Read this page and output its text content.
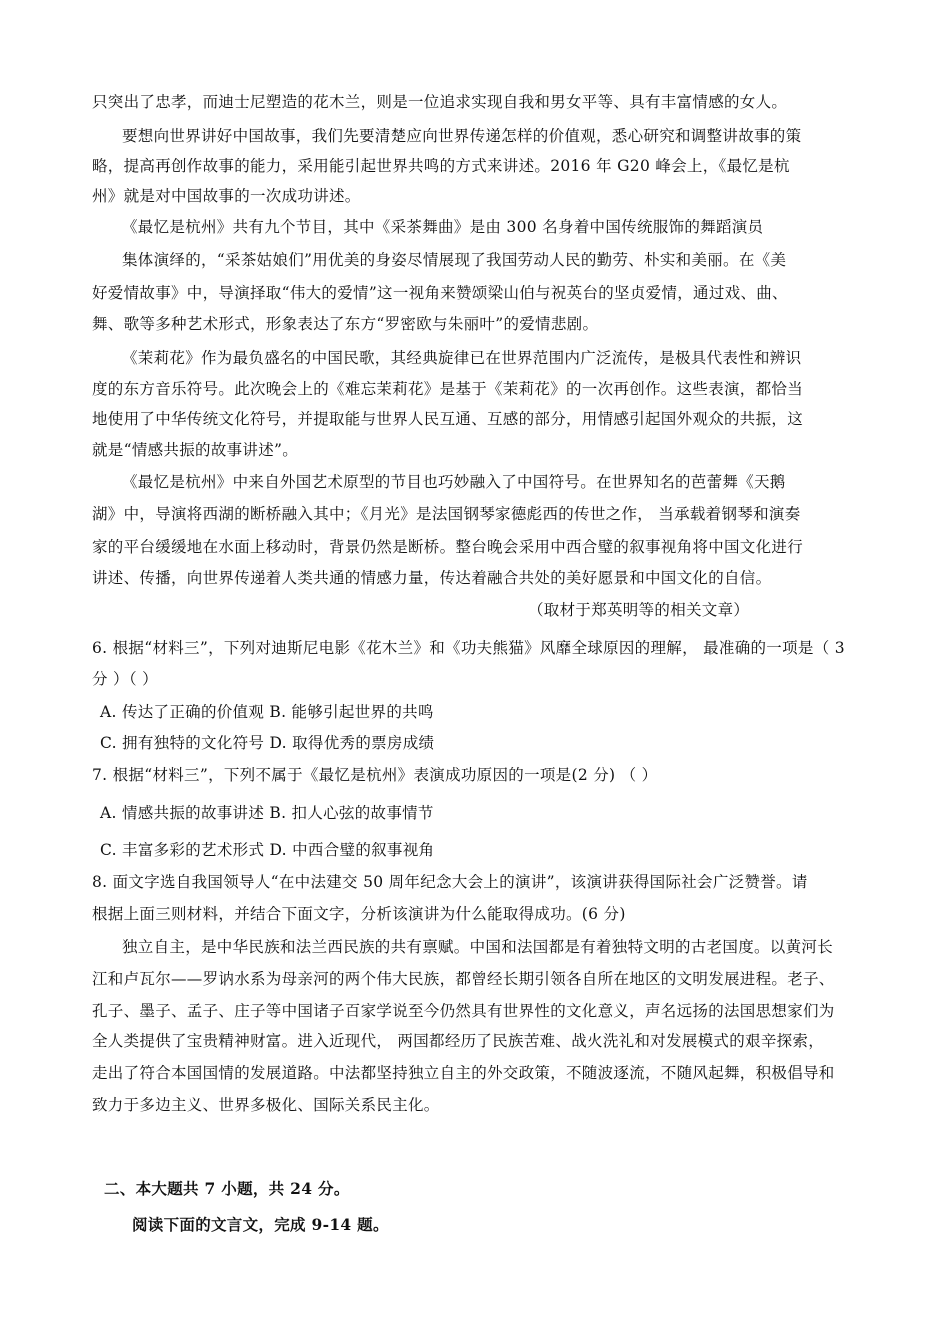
只突出了忠孝，而迪士尼塑造的花木兰，则是一位追求实现自我和男女平等、具有丰富情感的女人。
要想向世界讲好中国故事，我们先要清楚应向世界传递怎样的价值观，悉心研究和调整讲故事的策
略，提高再创作故事的能力，采用能引起世界共鸣的方式来讲述。2016 年 G20 峰会上，《最忆是杭
州》就是对中国故事的一次成功讲述。
《最忆是杭州》共有九个节目，其中《采茶舞曲》是由 300 名身着中国传统服饰的舞蹈演员
集体演绎的，“采茶姑娘们”用优美的身姿尽情展现了我国劳动人民的勤劳、朴实和美丽。在《美
好爱情故事》中，导演择取“伟大的爱情”这一视角来赞颂梁山伯与祝英台的坚贞爱情，通过戏、曲、
舞、歌等多种艺术形式，形象表达了东方“罗密欧与朱丽叶”的爱情悲剧。
《茉莉花》作为最负盛名的中国民歌，其经典旋律已在世界范围内广泛流传，是极具代表性和辨识
度的东方音乐符号。此次晚会上的《难忘茉莉花》是基于《茉莉花》的一次再创作。这些表演，都恰当
地使用了中华传统文化符号，并提取能与世界人民互通、互感的部分，用情感引起国外观众的共振，这
就是“情感共振的故事讲述”。
《最忆是杭州》中来自外国艺术原型的节目也巧妙融入了中国符号。在世界知名的芭蕾舞《天鹅
湖》中，导演将西湖的断桥融入其中；《月光》是法国钢琴家德彪西的传世之作， 当承载着钢琴和演奏
家的平台缓缓地在水面上移动时，背景仍然是断桥。整台晚会采用中西合璧的叙事视角将中国文化进行
讲述、传播，向世界传递着人类共通的情感力量，传达着融合共处的美好愿景和中国文化的自信。
（取材于郑英明等的相关文章）
6. 根据“材料三”，下列对迪斯尼电影《花木兰》和《功夫熊猫》风靡全球原因的理解， 最准确的一项是（ 3
分 ）（ ）
A. 传达了正确的价值观 B. 能够引起世界的共鸣
C. 拥有独特的文化符号 D. 取得优秀的票房成绩
7. 根据“材料三”，下列不属于《最忆是杭州》表演成功原因的一项是(2 分) （ ）
A. 情感共振的故事讲述 B. 扣人心弦的故事情节
C. 丰富多彩的艺术形式 D. 中西合璧的叙事视角
8. 面文字选自我国领导人“在中法建交 50 周年纪念大会上的演讲”，该演讲获得国际社会广泛赞誉。请
根据上面三则材料，并结合下面文字，分析该演讲为什么能取得成功。(6 分)
独立自主，是中华民族和法兰西民族的共有禀赋。中国和法国都是有着独特文明的古老国度。以黄河长
江和卢瓦尔——罗讷水系为母亲河的两个伟大民族，都曾经长期引领各自所在地区的文明发展进程。老子、
孔子、墨子、孟子、庄子等中国诸子百家学说至今仍然具有世界性的文化意义，声名远扬的法国思想家们为
全人类提供了宝贵精神财富。进入近现代， 两国都经历了民族苦难、战火洗礼和对发展模式的艰辛探索，
走出了符合本国国情的发展道路。中法都坚持独立自主的外交政策，不随波逐流，不随风起舞，积极倡导和
致力于多边主义、世界多极化、国际关系民主化。
二、本大题共 7 小题，共 24 分。
阅读下面的文言文，完成 9-14 题。
